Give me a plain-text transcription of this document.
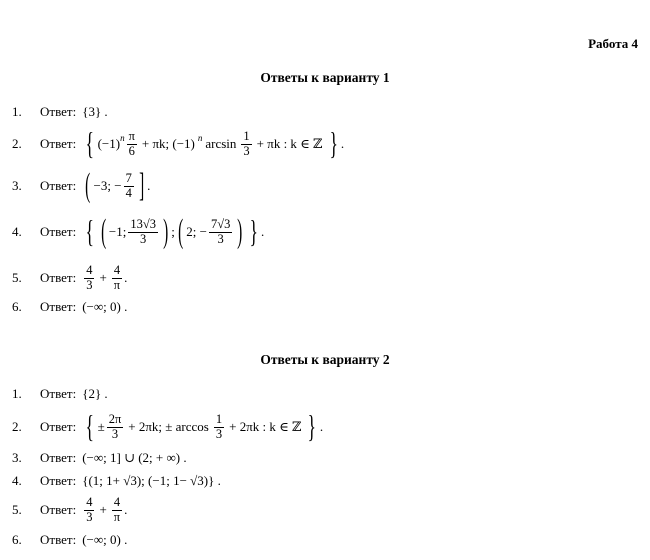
Работа 4
Ответы к варианту 1
1.	Ответ: {3} .
2.	Ответ: { (−1) n $\frac{\pi}{6} + \pi k$; (−1) n $\arcsin \frac{1}{3} + \pi k$ : k ∈ ℤ } .
3.	Ответ: ( −3; − $\frac{7}{4}$ ] .
4.	Ответ: { ( −1; $\frac{13√3}{3}$ ) ; ( 2; − $\frac{7√3}{3}$ ) } .
5.	Ответ: $\frac{4}{3} + \frac{4}{\pi}$ .
6.	Ответ: (−∞; 0) .
Ответы к варианту 2
1.	Ответ: {2} .
2.	Ответ: { ± $\frac{2\pi}{3} + 2\pi k$; ± $\arccos \frac{1}{3} + 2\pi k$ : k ∈ ℤ } .
3.	Ответ: (−∞; 1] ∪ (2; + ∞) .
4.	Ответ: {(1; 1+ √3); (−1; 1− √3)} .
5.	Ответ: $\frac{4}{3} + \frac{4}{\pi}$ .
6.	Ответ: (−∞; 0) .
